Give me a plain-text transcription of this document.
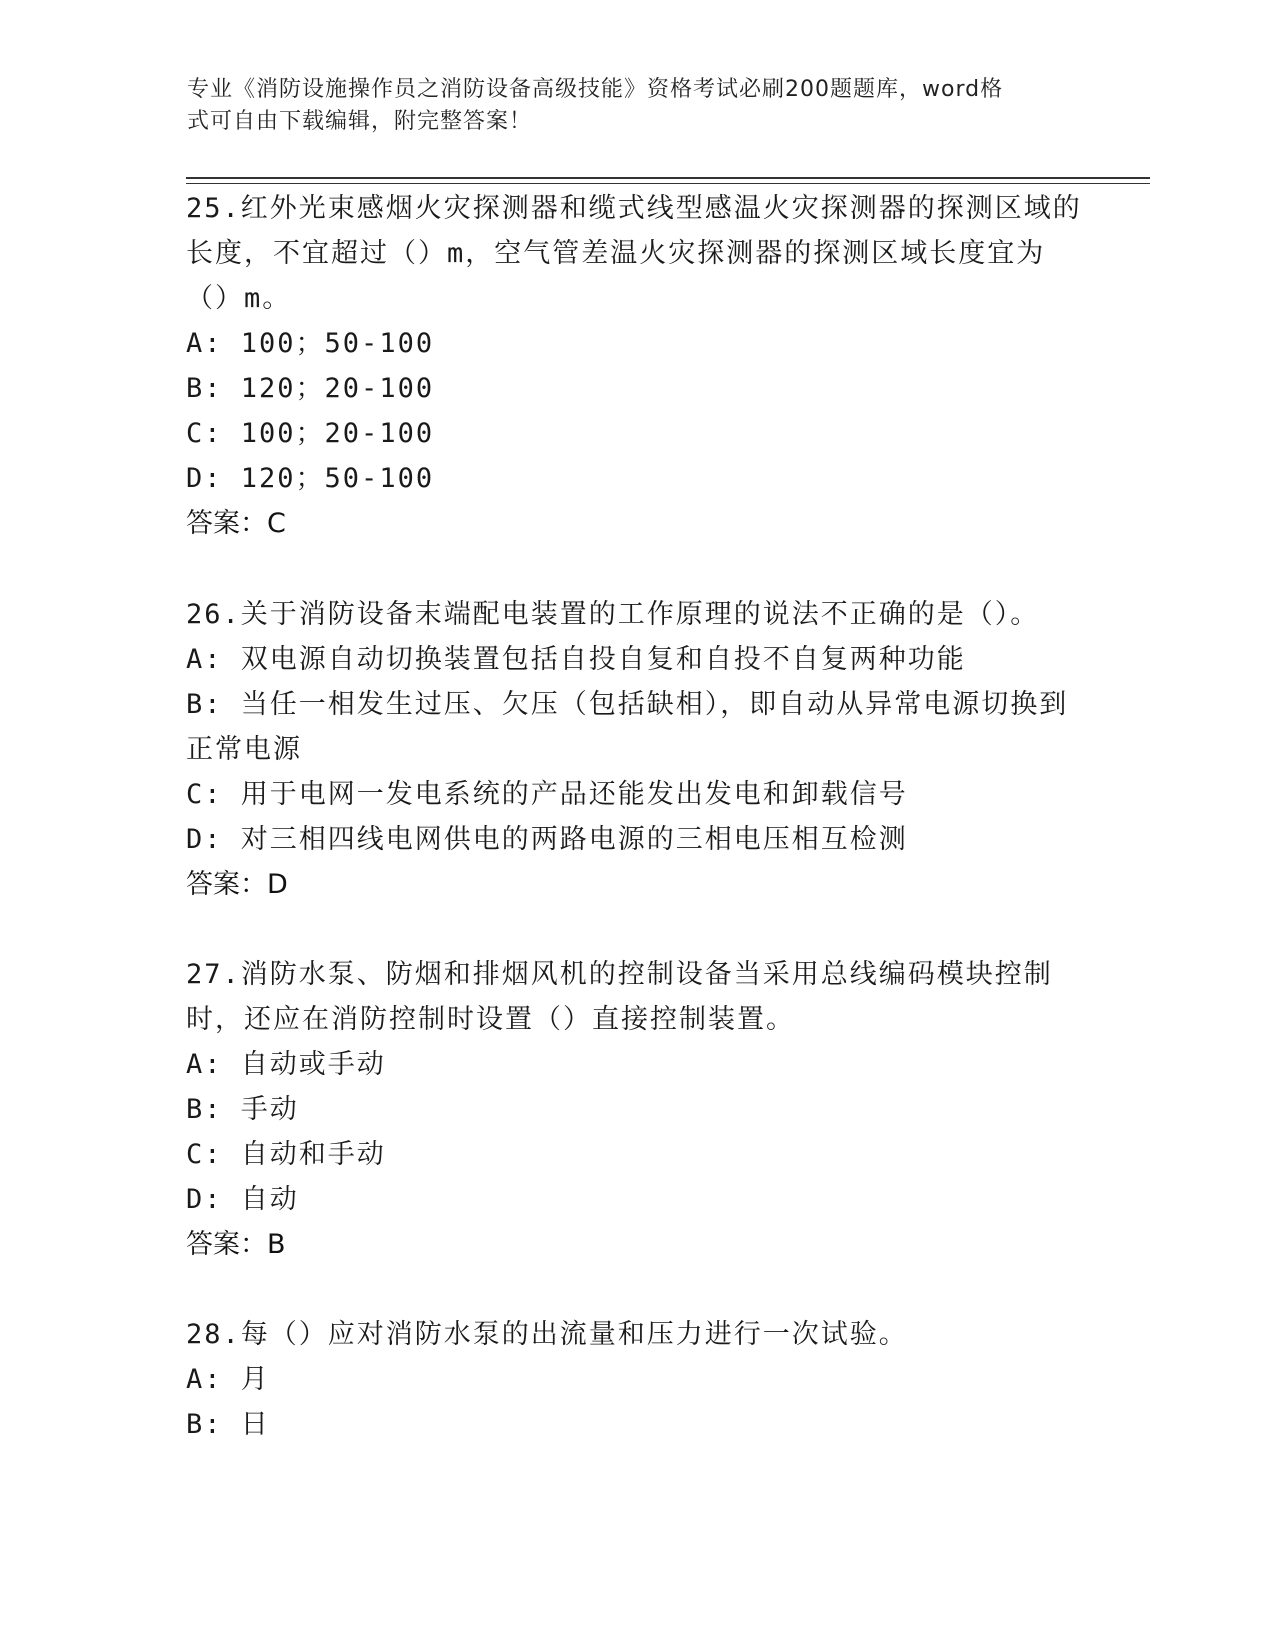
专业《消防设施操作员之消防设备高级技能》资格考试必刷200题题库，word格
式可自由下载编辑，附完整答案！

25.红外光束感烟火灾探测器和缆式线型感温火灾探测器的探测区域的长度，不宜超过（）m，空气管差温火灾探测器的探测区域长度宜为（）m。

A: 100；50-100

B: 120；20-100

C: 100；20-100

D: 120；50-100

答案：C

26.关于消防设备末端配电装置的工作原理的说法不正确的是（）。

A: 双电源自动切换装置包括自投自复和自投不自复两种功能

B: 当任一相发生过压、欠压（包括缺相），即自动从异常电源切换到正常电源

C: 用于电网一发电系统的产品还能发出发电和卸载信号

D: 对三相四线电网供电的两路电源的三相电压相互检测

答案：D

27.消防水泵、防烟和排烟风机的控制设备当采用总线编码模块控制时，还应在消防控制时设置（）直接控制装置。

A: 自动或手动

B: 手动

C: 自动和手动

D: 自动

答案：B

28.每（）应对消防水泵的出流量和压力进行一次试验。

A: 月

B: 日
